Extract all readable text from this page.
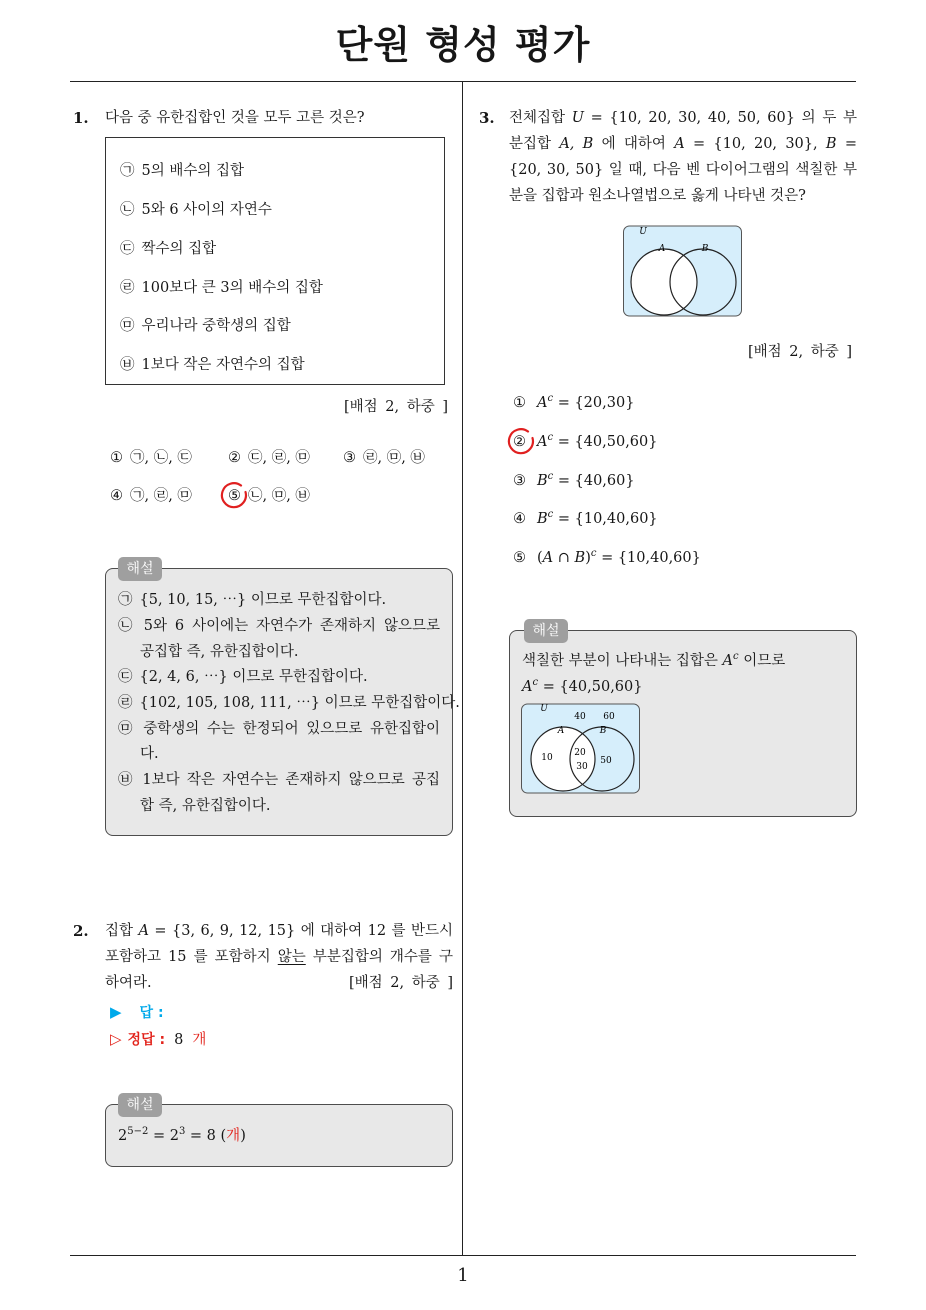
단원 형성 평가
1
1. 다음 중 유한집합인 것을 모두 고른 것은?
㉠ 5의 배수의 집합
㉡ 5와 6 사이의 자연수
㉢ 짝수의 집합
㉣ 100보다 큰 3의 배수의 집합
㉤ 우리나라 중학생의 집합
㉥ 1보다 작은 자연수의 집합
[배점 2, 하중 ]
① ㉠, ㉡, ㉢ ② ㉢, ㉣, ㉤ ③ ㉣, ㉤, ㉥
④ ㉠, ㉣, ㉤ ⑤ ㉡, ㉤, ㉥
해설
㉠ {5, 10, 15, ⋯} 이므로 무한집합이다.
㉡ 5와 6 사이에는 자연수가 존재하지 않으므로
공집합 즉, 유한집합이다.
㉢ {2, 4, 6, ⋯} 이므로 무한집합이다.
㉣ {102, 105, 108, 111, ⋯} 이므로 무한집합이다.
㉤ 중학생의 수는 한정되어 있으므로 유한집합이
다.
㉥ 1보다 작은 자연수는 존재하지 않으므로 공집
합 즉, 유한집합이다.
2. 집합 A = {3, 6, 9, 12, 15} 에 대하여 12 를 반드시
포함하고 15 를 포함하지 않는 부분집합의 개수를 구
하여라.	[배점 2, 하중 ]
▶ 답 :
▷ 정답 : 8 개
해설
$2^{5-2} = 2^3 = 8$ (개)
3. 전체집합 U = {10, 20, 30, 40, 50, 60} 의 두 부
분집합 A, B 에 대하여 A = {10, 20, 30}, B =
{20, 30, 50} 일 때, 다음 벤 다이어그램의 색칠한 부
분을 집합과 원소나열법으로 옳게 나타낸 것은?
U
A	B
[배점 2, 하중 ]
① $A^c = \{20,30\}$
② $A^c = \{40,50,60\}$
③ $B^c = \{40,60\}$
④ $B^c = \{10,40,60\}$
⑤ (A ∩ B)$^c$ = {10,40,60}
해설
색칠한 부분이 나타내는 집합은 $A^c$ 이므로
$A^c = \{40,50,60\}$
U
40 60
A	B
10 20
30
50
